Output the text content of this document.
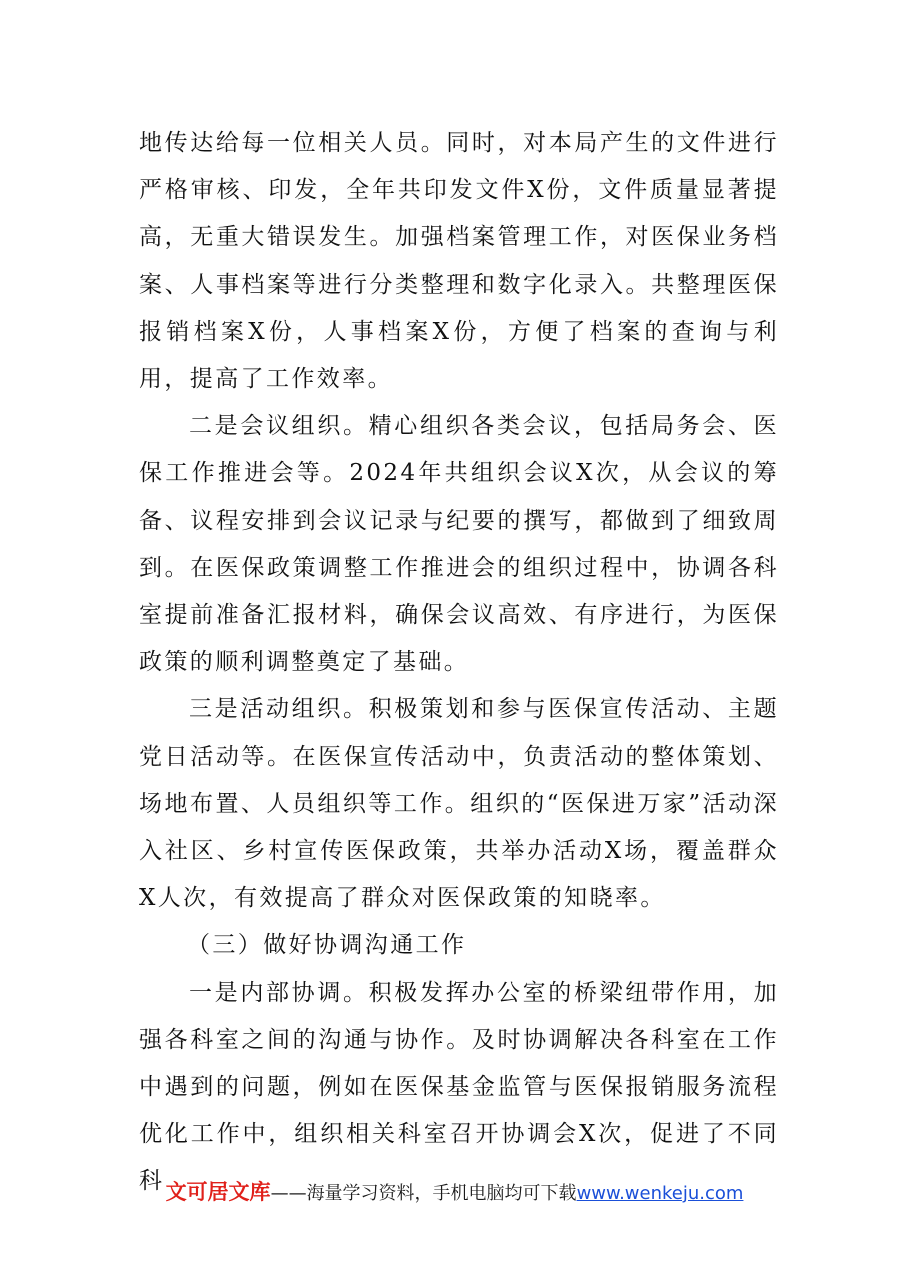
地传达给每一位相关人员。同时，对本局产生的文件进行严格审核、印发，全年共印发文件X份，文件质量显著提高，无重大错误发生。加强档案管理工作，对医保业务档案、人事档案等进行分类整理和数字化录入。共整理医保报销档案X份，人事档案X份，方便了档案的查询与利用，提高了工作效率。

二是会议组织。精心组织各类会议，包括局务会、医保工作推进会等。2024年共组织会议X次，从会议的筹备、议程安排到会议记录与纪要的撰写，都做到了细致周到。在医保政策调整工作推进会的组织过程中，协调各科室提前准备汇报材料，确保会议高效、有序进行，为医保政策的顺利调整奠定了基础。

三是活动组织。积极策划和参与医保宣传活动、主题党日活动等。在医保宣传活动中，负责活动的整体策划、场地布置、人员组织等工作。组织的“医保进万家”活动深入社区、乡村宣传医保政策，共举办活动X场，覆盖群众X人次，有效提高了群众对医保政策的知晓率。

（三）做好协调沟通工作

一是内部协调。积极发挥办公室的桥梁纽带作用，加强各科室之间的沟通与协作。及时协调解决各科室在工作中遇到的问题，例如在医保基金监管与医保报销服务流程优化工作中，组织相关科室召开协调会X次，促进了不同科 文可居文库——海量学习资料，手机电脑均可下载www.wenkeju.com
